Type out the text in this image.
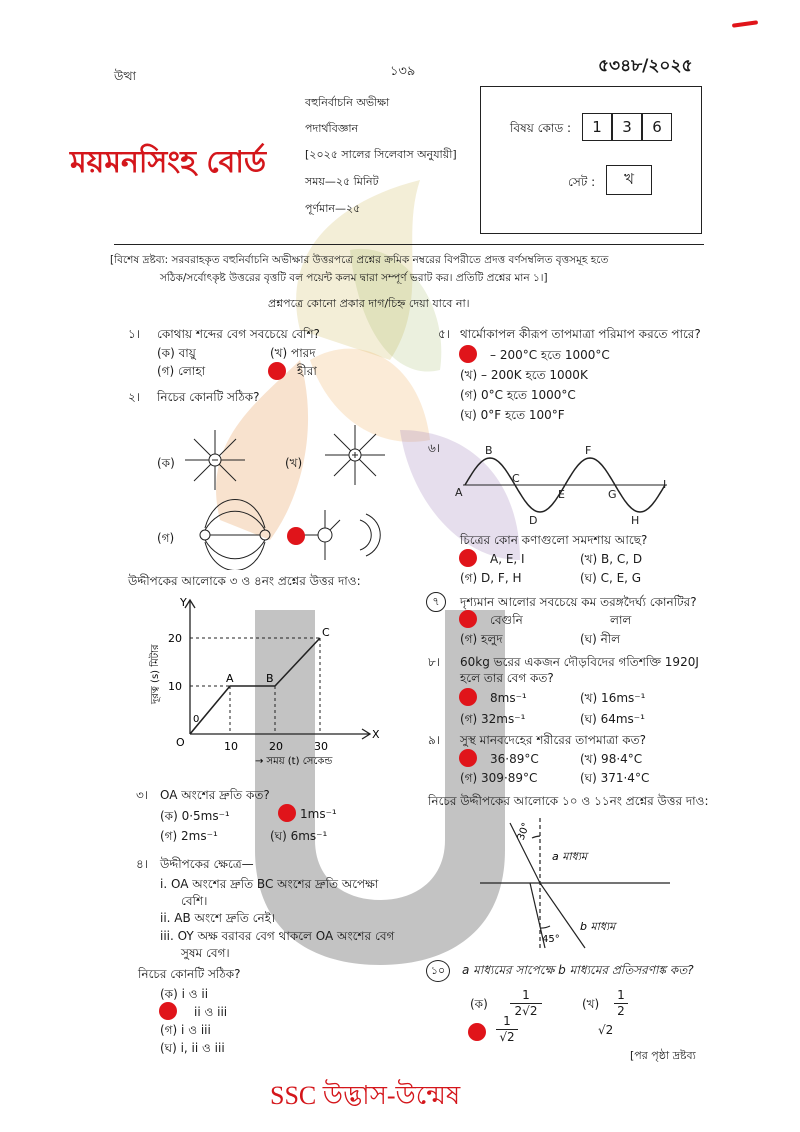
উত্থা	১৩৯	৫৩৪৮/২০২৫
বহুনির্বাচনি অভীক্ষা
পদার্থবিজ্ঞান
[২০২৫ সালের সিলেবাস অনুযায়ী]
সময়—২৫ মিনিট
পূর্ণমান—২৫
ময়মনসিংহ বোর্ড
বিষয় কোড :	1	3	6
সেট :	খ
[বিশেষ দ্রষ্টব্য: সরবরাহকৃত বহুনির্বাচনি অভীক্ষার উত্তরপত্রে প্রশ্নের ক্রমিক নম্বরের বিপরীতে প্রদত্ত বর্ণসম্বলিত বৃত্তসমূহ হতে
সঠিক/সর্বোৎকৃষ্ট উত্তরের বৃত্তটি বল পয়েন্ট কলম দ্বারা সম্পূর্ণ ভরাট কর। প্রতিটি প্রশ্নের মান ১।]
প্রশ্নপত্রে কোনো প্রকার দাগ/চিহ্ন দেয়া যাবে না।
১। কোথায় শব্দের বেগ সবচেয়ে বেশি?
(ক) বায়ু	(খ) পারদ
(গ) লোহা	হীরা
২। নিচের কোনটি সঠিক?
(ক)	(খ)
(গ)
উদ্দীপকের আলোকে ৩ ও ৪নং প্রশ্নের উত্তর দাও:
Y
X
20
10
10	20	30
O
0
A	B
C
→ সময় (t) সেকেন্ড
দূরত্ব (s) মিটার
৩। OA অংশের দ্রুতি কত?
(ক) 0·5ms⁻¹	1ms⁻¹
(গ) 2ms⁻¹	(ঘ) 6ms⁻¹
৪। উদ্দীপকের ক্ষেত্রে—
i. OA অংশের দ্রুতি BC অংশের দ্রুতি অপেক্ষা
বেশি।
ii. AB অংশে দ্রুতি নেই।
iii. OY অক্ষ বরাবর বেগ থাকলে OA অংশের বেগ
সুষম বেগ।
নিচের কোনটি সঠিক?
(ক) i ও ii
ii ও iii
(গ) i ও iii
(ঘ) i, ii ও iii
৫। থার্মোকাপল কীরূপ তাপমাত্রা পরিমাপ করতে পারে?
– 200°C হতে 1000°C
(খ) – 200K হতে 1000K
(গ) 0°C হতে 1000°C
(ঘ) 0°F হতে 100°F
৬।
A
B
C
D
E
F
G
H
I
চিত্রের কোন কণাগুলো সমদশায় আছে?
A, E, I	(খ) B, C, D
(গ) D, F, H	(ঘ) C, E, G
৭	দৃশ্যমান আলোর সবচেয়ে কম তরঙ্গদৈর্ঘ্য কোনটির?
বেগুনি	লাল
(গ) হলুদ	(ঘ) নীল
৮। 60kg ভরের একজন দৌড়বিদের গতিশক্তি 1920J
হলে তার বেগ কত?
8ms⁻¹	(খ) 16ms⁻¹
(গ) 32ms⁻¹	(ঘ) 64ms⁻¹
৯। সুস্থ মানবদেহের শরীরের তাপমাত্রা কত?
36·89°C	(খ) 98·4°C
(গ) 309·89°C	(ঘ) 371·4°C
নিচের উদ্দীপকের আলোকে ১০ ও ১১নং প্রশ্নের উত্তর দাও:
30°
45°
a মাধ্যম
b মাধ্যম
১০	a মাধ্যমের সাপেক্ষে b মাধ্যমের প্রতিসরণাঙ্ক কত?
(ক) $\frac{1}{2√2}$	(খ) $\frac{1}{2}$
$\frac{1}{√2}$	√2
[পর পৃষ্ঠা দ্রষ্টব্য
SSC উদ্ভাস-উন্মেষ
